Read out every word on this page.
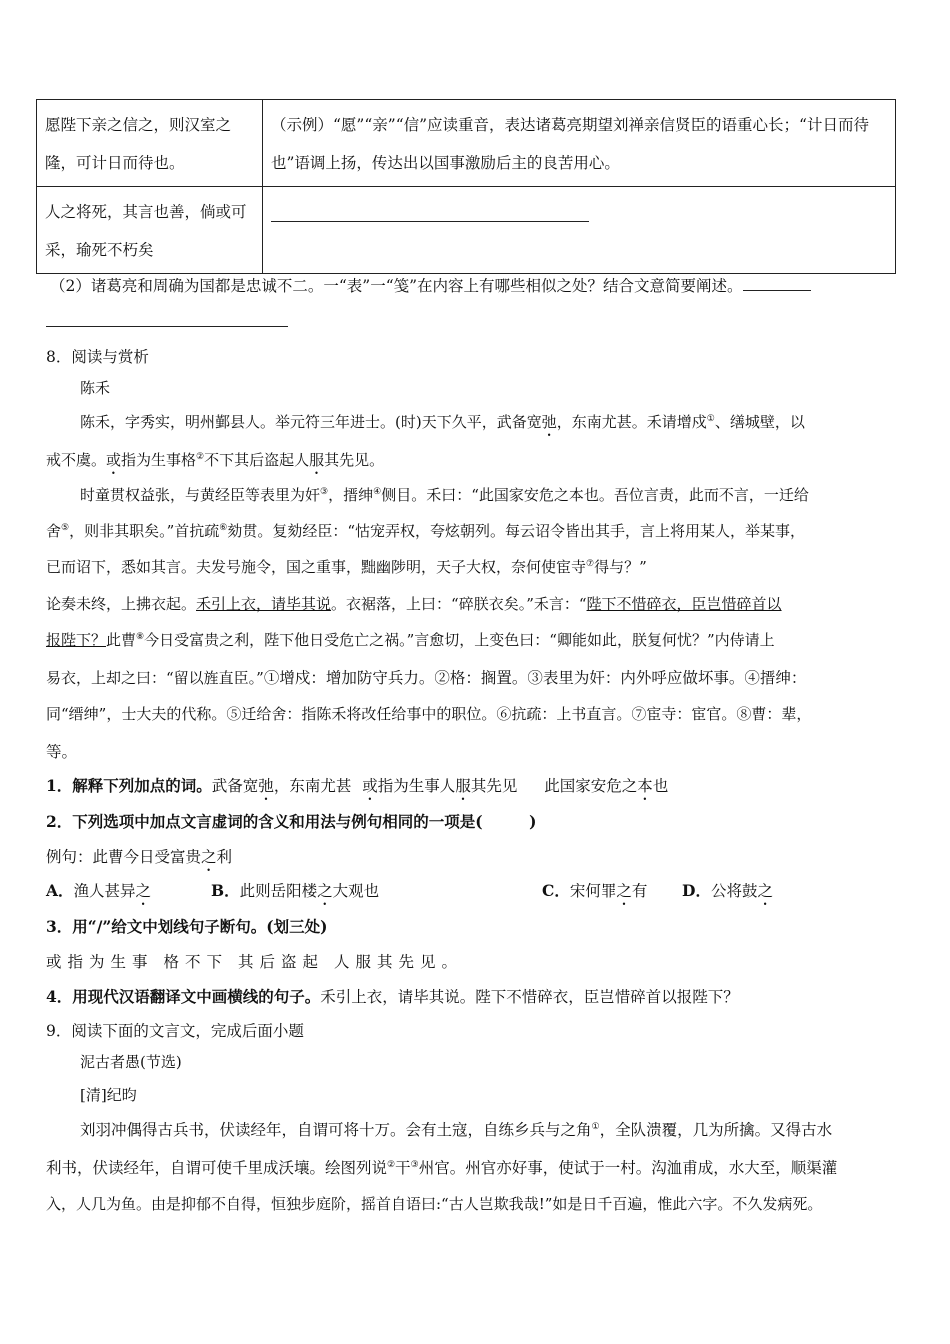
愿陛下亲之信之，则汉室之隆，可计日而待也。	（示例）“愿”“亲”“信”应读重音，表达诸葛亮期望刘禅亲信贤臣的语重心长；“计日而待也”语调上扬，传达出以国事激励后主的良苦用心。
人之将死，其言也善，倘或可采，瑜死不朽矣	
（2）诸葛亮和周确为国都是忠诚不二。一“表”一“笺”在内容上有哪些相似之处？结合文意简要阐述。
8．阅读与赏析
陈禾
陈禾，字秀实，明州鄞县人。举元符三年进士。(时)天下久平，武备宽弛，东南尤甚。禾请增戍①、缮城壁，以
戒不虞。或指为生事格②不下其后盗起人服其先见。
时童贯权益张，与黄经臣等表里为奸③，搢绅④侧目。禾曰：“此国家安危之本也。吾位言责，此而不言，一迁给
舍⑤，则非其职矣。”首抗疏⑥劾贯。复劾经臣：“怙宠弄权，夸炫朝列。每云诏令皆出其手，言上将用某人，举某事，
已而诏下，悉如其言。夫发号施令，国之重事，黜幽陟明，天子大权，奈何使宦寺⑦得与？”
论奏未终，上拂衣起。禾引上衣，请毕其说。衣裾落，上曰：“碎朕衣矣。”禾言：“陛下不惜碎衣，臣岂惜碎首以
报陛下？此曹⑧今日受富贵之利，陛下他日受危亡之祸。”言愈切，上变色曰：“卿能如此，朕复何忧？”内侍请上
易衣，上却之曰：“留以旌直臣。”①增戍：增加防守兵力。②格：搁置。③表里为奸：内外呼应做坏事。④搢绅：
同“缙绅”，士大夫的代称。⑤迁给舍：指陈禾将改任给事中的职位。⑥抗疏：上书直言。⑦宦寺：宦官。⑧曹：辈，
等。
1．解释下列加点的词。武备宽弛，东南尤甚 或指为生事人服其先见 此国家安危之本也
2．下列选项中加点文言虚词的含义和用法与例句相同的一项是(　　　)
例句：此曹今日受富贵之利
A．渔人甚异之	B．此则岳阳楼之大观也	C．宋何罪之有 D．公将鼓之
3．用“/”给文中划线句子断句。(划三处)
或指为生事 格不下 其后盗起 人服其先见。
4．用现代汉语翻译文中画横线的句子。禾引上衣，请毕其说。陛下不惜碎衣，臣岂惜碎首以报陛下？
9．阅读下面的文言文，完成后面小题
泥古者愚(节选)
[清]纪昀
刘羽冲偶得古兵书，伏读经年，自谓可将十万。会有土寇，自练乡兵与之角①，全队溃覆，几为所擒。又得古水
利书，伏读经年，自谓可使千里成沃壤。绘图列说②干③州官。州官亦好事，使试于一村。沟洫甫成，水大至，顺渠灌
入，人几为鱼。由是抑郁不自得，恒独步庭阶，摇首自语曰:“古人岂欺我哉!”如是日千百遍，惟此六字。不久发病死。
